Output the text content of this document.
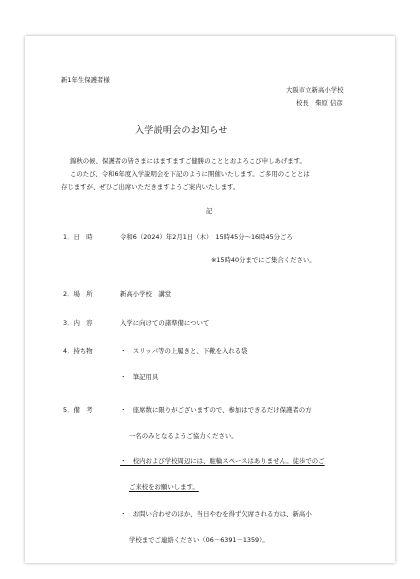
新1年生保護者様
大阪市立新高小学校
校長　柴原 信彦
入学説明会のお知らせ
錦秋の候、保護者の皆さまにはますますご健勝のこととおよろこび申しあげます。
このたび、令和6年度入学説明会を下記のように開催いたします。ご多用のこととは
存じますが、ぜひご出席いただきますようご案内いたします。
記
1．日　時	令和6（2024）年2月1日（木）　15時45分～16時45分ごろ
※15時40分までにご集合ください。
2．場　所	新高小学校　講堂
3．内　容	入学に向けての諸準備について
4．持ち物	・　スリッパ等の上履きと、下靴を入れる袋
・　筆記用具
5．備　考	・　座席数に限りがございますので、参加はできるだけ保護者の方
一名のみとなるようご協力ください。
・　校内および学校周辺には、駐輪スペースはありません。徒歩でのご
ご来校をお願いします。
・　お問い合わせのほか、当日やむを得ず欠席される方は、新高小
学校までご連絡ください（06－6391－1359）。
